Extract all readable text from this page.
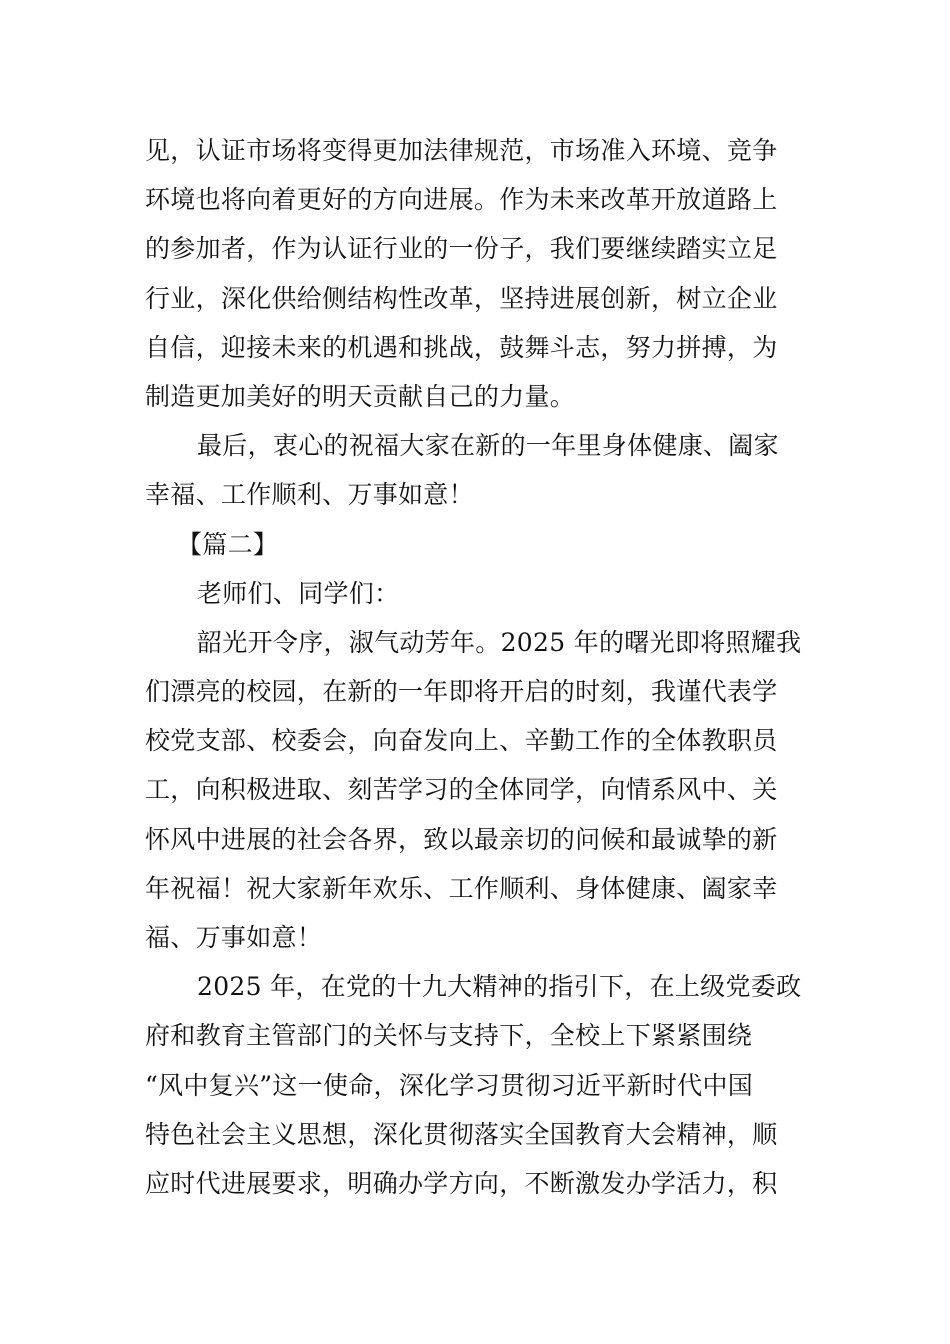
见，认证市场将变得更加法律规范，市场准入环境、竞争
环境也将向着更好的方向进展。作为未来改革开放道路上
的参加者，作为认证行业的一份子，我们要继续踏实立足
行业，深化供给侧结构性改革，坚持进展创新，树立企业
自信，迎接未来的机遇和挑战，鼓舞斗志，努力拼搏，为
制造更加美好的明天贡献自己的力量。
最后，衷心的祝福大家在新的一年里身体健康、阖家
幸福、工作顺利、万事如意！
【篇二】
老师们、同学们：
韶光开令序，淑气动芳年。2025 年的曙光即将照耀我
们漂亮的校园，在新的一年即将开启的时刻，我谨代表学
校党支部、校委会，向奋发向上、辛勤工作的全体教职员
工，向积极进取、刻苦学习的全体同学，向情系风中、关
怀风中进展的社会各界，致以最亲切的问候和最诚挚的新
年祝福！祝大家新年欢乐、工作顺利、身体健康、阖家幸
福、万事如意！
2025 年，在党的十九大精神的指引下，在上级党委政
府和教育主管部门的关怀与支持下，全校上下紧紧围绕
“风中复兴”这一使命，深化学习贯彻习近平新时代中国
特色社会主义思想，深化贯彻落实全国教育大会精神，顺
应时代进展要求，明确办学方向，不断激发办学活力，积
